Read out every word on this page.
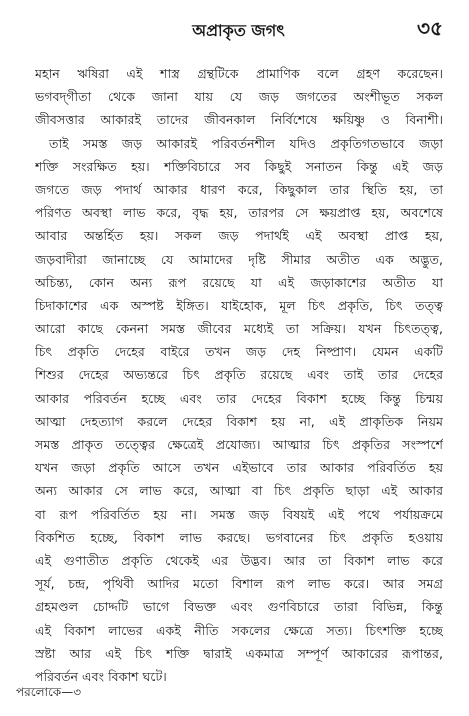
অপ্রাকৃত জগৎ	৩৫
মহান ঋষিরা এই শাস্ত্র গ্রন্থটিকে প্রামাণিক বলে গ্রহণ করেছেন।
ভগবদ্‌গীতা থেকে জানা যায় যে জড় জগতের অংশীভূত সকল
জীবসত্তার আকারই তাদের জীবনকাল নির্বিশেষে ক্ষয়িষ্ণু ও বিনাশী।
তাই সমস্ত জড় আকারই পরিবর্তনশীল যদিও প্রকৃতিগতভাবে জড়া
শক্তি সংরক্ষিত হয়। শক্তিবিচারে সব কিছুই সনাতন কিন্তু এই জড়
জগতে জড় পদার্থ আকার ধারণ করে, কিছুকাল তার স্থিতি হয়, তা
পরিণত অবস্থা লাভ করে, বৃদ্ধ হয়, তারপর সে ক্ষয়প্রাপ্ত হয়, অবশেষে
আবার অন্তর্হিত হয়। সকল জড় পদার্থই এই অবস্থা প্রাপ্ত হয়,
জড়বাদীরা জানাচ্ছে যে আমাদের দৃষ্টি সীমার অতীত এক অদ্ভুত,
অচিন্ত্য, কোন অন্য রূপ রয়েছে যা এই জড়াকাশের অতীত যা
চিদাকাশের এক অস্পষ্ট ইঙ্গিত। যাইহোক, মূল চিৎ প্রকৃতি, চিৎ তত্ত্ব
আরো কাছে কেননা সমস্ত জীবের মধ্যেই তা সক্রিয়। যখন চিৎতত্ত্ব,
চিৎ প্রকৃতি দেহের বাইরে তখন জড় দেহ নিষ্প্রাণ। যেমন একটি
শিশুর দেহের অভ্যন্তরে চিৎ প্রকৃতি রয়েছে এবং তাই তার দেহের
আকার পরিবর্তন হচ্ছে এবং তার দেহের বিকাশ হচ্ছে কিন্তু চিন্ময়
আত্মা দেহত্যাগ করলে দেহের বিকাশ হয় না, এই প্রাকৃতিক নিয়ম
সমস্ত প্রাকৃত তত্ত্বের ক্ষেত্রেই প্রযোজ্য। আত্মার চিৎ প্রকৃতির সংস্পর্শে
যখন জড়া প্রকৃতি আসে তখন এইভাবে তার আকার পরিবর্তিত হয়
অন্য আকার সে লাভ করে, আত্মা বা চিৎ প্রকৃতি ছাড়া এই আকার
বা রূপ পরিবর্তিত হয় না। সমস্ত জড় বিষয়ই এই পথে পর্যায়ক্রমে
বিকশিত হচ্ছে, বিকাশ লাভ করছে। ভগবানের চিৎ প্রকৃতি হওয়ায়
এই গুণাতীত প্রকৃতি থেকেই এর উদ্ভব। আর তা বিকাশ লাভ করে
সূর্য, চন্দ্র, পৃথিবী আদির মতো বিশাল রূপ লাভ করে। আর সমগ্র
গ্রহমণ্ডল চোদ্দটি ভাগে বিভক্ত এবং গুণবিচারে তারা বিভিন্ন, কিন্তু
এই বিকাশ লাভের একই নীতি সকলের ক্ষেত্রে সত্য। চিৎশক্তি হচ্ছে
স্রষ্টা আর এই চিৎ শক্তি দ্বারাই একমাত্র সম্পূর্ণ আকারের রূপান্তর,
পরিবর্তন এবং বিকাশ ঘটে।
পরলোকে—৩
